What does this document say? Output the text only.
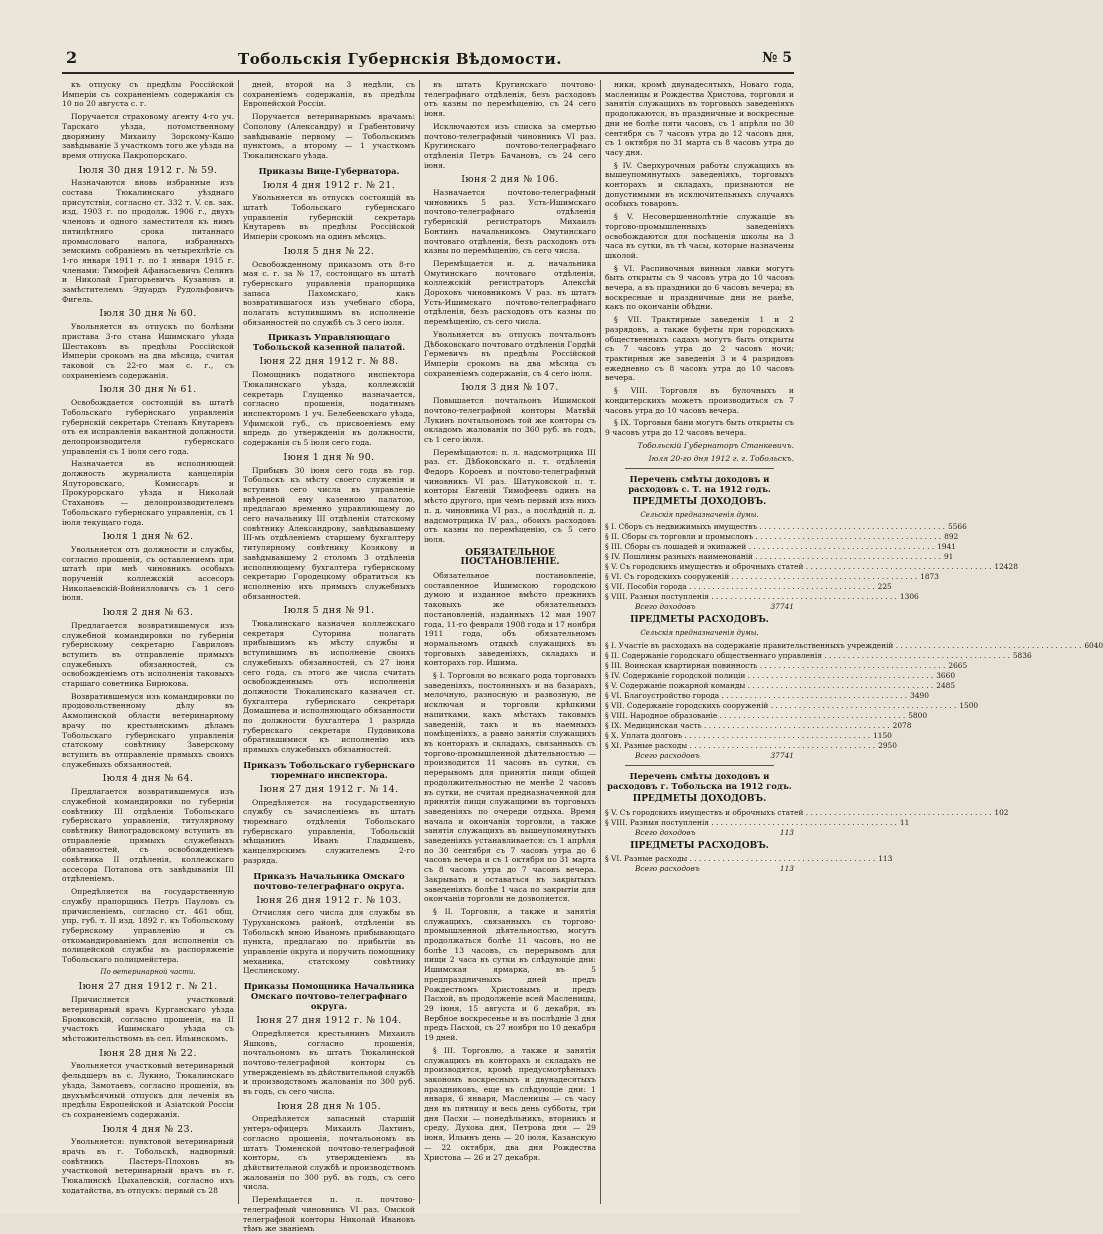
2	Тобольскія Губернскія Вѣдомости.	№ 5

къ отпуску съ предѣлы Россійской Имперіи съ сохраненіемъ содержанія съ 10 по 20 августа с. г.

Поручается страховому агенту 4-го уч. Тарскаго уѣзда, потомственному дворянину Михаилу Зорскому-Кашо завѣдываніе 3 участкомъ того же уѣзда на время отпуска Пакропорскаго.

Іюля 30 дня 1912 г. № 59.

Назначаются вновь избранные изъ состава Тюкалинскаго уѣзднаго присутствія, согласно ст. 332 т. V. св. зак. изд. 1903 г. по продолж. 1906 г., двухъ членовъ и одного заместителя къ нимъ пятилѣтняго срока питаннаго промысловаго налога, избранныхъ земскимъ собраніемъ въ четырехлѣтіе съ 1-го января 1911 г. по 1 января 1915 г. членами: Тимофей Афанасьевичъ Селинъ и Николай Григорьевичъ Кузановъ и замѣстителемъ Эдуардъ Рудольфовичъ Фигель.

Іюля 30 дня № 60.

Увольняется въ отпускъ по болѣзни пристава 3-го стана Ишимскаго уѣзда Шестаковъ въ предѣлы Россійской Имперіи срокомъ на два мѣсяца, считая таковой съ 22-го мая с. г., съ сохраненіемъ содержанія.

Іюля 30 дня № 61.

Освобождается состоящій въ штатѣ Тобольскаго губернскаго управленія губернскій секретарь Степанъ Кнутаревъ отъ ея исправленія вакантной должности делопроизводителя губернскаго управленія съ 1 іюля сего года.

Назначается въ исполняющей должность журналиста канцеляріи Ялуторовскаго, Комиссаръ и Прокурорскаго уѣзда и Николай Стахановъ — делопроизводителемъ Тобольскаго губернскаго управленія, съ 1 іюля текущаго года.

Іюля 1 дня № 62.

Увольняется отъ должности и службы, согласно прошенія, съ оставлениемъ при штатѣ при мнѣ чиновникъ особыхъ порученій коллежскій ассесоръ Николаевскій-Войнилловичъ съ 1 сего іюля.

Іюля 2 дня № 63.

Предлагается возвратившемуся изъ служебной командировки по губерніи губернскому секретарю Гавриловъ вступить въ отправленіе прямыхъ служебныхъ обязанностей, съ освобожденіемъ отъ исполненія таковыхъ старшаго советника Бирюкова.

Возвратившемуся изъ командировки по продовольственному дѣлу въ Акмолинской области ветеринарному врачу по крестьянскимъ дѣламъ Тобольскаго губернскаго управленія статскому совѣтнику Заверскому вступить въ отправленіе прямыхъ своихъ служебныхъ обязанностей.

Іюля 4 дня № 64.

Предлагается возвратившемуся изъ служебной командировки по губерніи совѣтнику III отдѣленія Тобольскаго губернскаго управленія, титулярному совѣтнику Виноградовскому вступить въ отправленіе прямыхъ служебныхъ обязанностей, съ освобожденіемъ совѣтника II отдѣленія, коллежскаго ассесора Потапова отъ завѣдыванія III отдѣленіемъ.

Опредѣляется на государственную службу прапорщикъ Петръ Пауловъ съ причисленіемъ, согласно ст. 461 общ. упр. губ. т. II изд. 1892 г. къ Тобольскому губернскому управленію и съ откомандированіемъ для исполненія съ полицейской службы въ распоряженіе Тобольскаго полицмейстера.

По ветеринарной части.
Іюня 27 дня 1912 г. № 21.

Причисляется участковый ветеринарный врачъ Курганскаго уѣзда Бровковскій, согласно прошенія, на II участокъ Ишимскаго уѣзда съ мѣстожительствомъ въ сел. Ильинскомъ.

Іюня 28 дня № 22.

Увольняется участковый ветеринарный фельдшеръ въ с. Лукино, Тюкалинскаго уѣзда, Замотаевъ, согласно прошенія, въ двухъмѣсячный отпускъ для леченія въ предѣлы Европейской и Азіатской Россіи съ сохраненіемъ содержанія.

Іюля 4 дня № 23.

Увольняется: пунктовой ветеринарный врачъ въ г. Тобольскѣ, надворный совѣтникъ Пастеръ-Плоховъ въ участковой ветеринарный врачъ въ г. Тюкалинскѣ Цыхалевскій, согласно ихъ ходатайства, въ отпускъ: первый съ 28

дней, второй на 3 недѣли, съ сохраненіемъ содержанія, въ предѣлы Европейской Россіи.

Поручается ветеринарнымъ врачамъ: Сополову (Александру) и Грабентовичу завѣдываніе первому — Тобольскимъ пунктомъ, а второму — 1 участкомъ Тюкалинскаго уѣзда.

Приказы Вице-Губернатора.
Іюля 4 дня 1912 г. № 21.

Увольняется въ отпускъ состоящій въ штатѣ Тобольскаго губернскаго управленія губернскій секретарь Кнутаревъ въ предѣлы Россійской Имперіи срокомъ на одинъ мѣсяцъ.

Іюля 5 дня № 22.

Освобожденному приказомъ отъ 8-го мая с. г. за № 17, состоящаго въ штатѣ губернскаго управленія прапорщика запаса Пахомскаго, какъ возвратившагося изъ учебнаго сбора, полагать вступившимъ въ исполненіе обязанностей по службѣ съ 3 сего іюля.

Приказъ Управляющаго Тобольской казенной палатой.
Іюня 22 дня 1912 г. № 88.

Помощникъ податного инспектора Тюкалинскаго уѣзда, коллежскій секретарь Глущенко назначается, согласно прошенія, податнымъ инспекторомъ 1 уч. Белебеевскаго уѣзда, Уфимской губ., съ присвоеніемъ ему впредь до утвержденія въ должности, содержанія съ 5 іюля сего года.

Іюня 1 дня № 90.

Прибывъ 30 іюня сего года въ гор. Тобольскъ къ мѣсту своего служенія и вступивъ сего числа въ управленіе ввѣренной ему казенною палатою, предлагаю временно управляющему до сего начальнику III отдѣленія статскому совѣтнику Александрову, завѣдывавшему III-мъ отдѣленіемъ старшему бухгалтеру титулярному совѣтнику Козякову и завѣдывавшему 2 столомъ 3 отдѣленія исполняющему бухгалтера губернскому секретарю Городецкому обратиться къ исполненію ихъ прямыхъ служебныхъ обязанностей.

Іюля 5 дня № 91.

Тюкалинскаго казначея коллежскаго секретаря Суторина полагать прибывшимъ къ мѣсту службы и вступившимъ въ исполненіе своихъ служебныхъ обязанностей, съ 27 іюня сего года, съ этого же числа считать освобожденнымъ отъ исполненія должности Тюкалинскаго казначея ст. бухгалтера губернскаго секретаря Домашнева и исполняющаго обязанности по должности бухгалтера 1 разряда губернскаго секретаря Пудовикова обратившимися къ исполненію ихъ прямыхъ служебныхъ обязанностей.

Приказъ Тобольскаго губернскаго тюремнаго инспектора.
Іюня 27 дня 1912 г. № 14.

Опредѣляется на государственную службу съ зачисленіемъ въ штатъ тюремнаго отдѣленія Тобольскаго губернскаго управленія, Тобольскій мѣщанинъ Иванъ Гладышевъ, канцелярскимъ служителемъ 2-го разряда.

Приказъ Начальника Омскаго почтово-телеграфнаго округа.
Іюня 26 дня 1912 г. № 103.

Отчисляя сего числа для службы въ Туруханскомъ районѣ, отдѣленіи въ Тобольскѣ мною Иваномъ прибывающаго пункта, предлагаю по прибытіи въ управленіе округа и поручить помощнику механика, статскому совѣтнику Цеслинскому.

Приказы Помощника Начальника Омскаго почтово-телеграфнаго округа.
Іюня 27 дня 1912 г. № 104.

Опредѣляется крестьянинъ Михаилъ Яшковъ, согласно прошенія, почтальономъ въ штатъ Тюкалинской почтово-телеграфной конторы съ утвержденіемъ въ дѣйствительной службѣ и производствомъ жалованія по 300 руб. въ годъ, съ сего числа.

Іюня 28 дня № 105.

Опредѣляется запасный старшій унтеръ-офицеръ Михаилъ Лахтинъ, согласно прошенія, почтальономъ въ штатъ Тюменской почтово-телеграфной конторы, съ утвержденіемъ въ дѣйствительной службѣ и производствомъ жалованія по 300 руб. въ годъ, съ сего числа.

Перемѣщается п. л. почтово-телеграфный чиновникъ VI раз. Омской телеграфной конторы Николай Ивановъ тѣмъ же званіемъ

въ штатъ Кругинскаго почтово-телеграфнаго отдѣленія, безъ расходовъ отъ казны по перемѣщенію, съ 24 сего іюня.

Исключаются изъ списка за смертью почтово-телеграфный чиновникъ VI раз. Кругинскаго почтово-телеграфнаго отдѣленія Петръ Бачановъ, съ 24 сего іюня.

Іюня 2 дня № 106.

Назначается почтово-телеграфный чиновникъ 5 раз. Усть-Ишимскаго почтово-телеграфнаго отдѣленія губернскій регистраторъ Михаилъ Бонтинъ начальникомъ Омутинскаго почтоваго отдѣленія, безъ расходовъ отъ казны по перемѣщенію, съ сего числа.

Перемѣщается и. д. начальника Омутинскаго почтоваго отдѣленія, коллежскій регистраторъ Алексѣй Дороховъ чиновникомъ V раз. въ штатъ Усть-Ишимскаго почтово-телеграфнаго отдѣленія, безъ расходовъ отъ казны по перемѣщенію, съ сего числа.

Увольняется въ отпускъ почтальонъ Дѣбоковскаго почтоваго отдѣленія Гордѣй Гермевичъ въ предѣлы Россійской Имперіи срокомъ на два мѣсяца съ сохраненіемъ содержанія, съ 4 сего іюля.

Іюля 3 дня № 107.

Повышается почтальонъ Ишимской почтово-телеграфной конторы Матвѣй Лукинъ почтальономъ той же конторы съ окладомъ жалованія по 360 руб. въ годъ, съ 1 сего іюля.

Перемѣщаются: п. л. надсмотрщика III раз. ст. Дѣбоковскаго п. т. отдѣленія Федоръ Короевъ и почтово-телеграфный чиновникъ VI раз. Шатуковской п. т. конторы Евгеній Тимофеевъ одинъ на мѣсто другого, при чемъ первый изъ нихъ п. д. чиновника VI раз., а послѣдній п. д. надсмотрщика IV раз., обоихъ расходовъ отъ казны по перемѣщенію, съ 5 сего іюля.

ОБЯЗАТЕЛЬНОЕ ПОСТАНОВЛЕНІЕ.

Обязательное постановленіе, составленное Ишимскою городскою думою и изданное вмѣсто прежнихъ таковыхъ же обязательныхъ постановленій, изданныхъ 12 мая 1907 года, 11-го февраля 1908 года и 17 ноября 1911 года, объ обязательномъ нормальномъ отдыхѣ служащихъ въ торговыхъ заведеніяхъ, складахъ и конторахъ гор. Ишима.

§ I. Торговля во всякаго рода торговыхъ заведеніяхъ, постоянныхъ и на базарахъ, мелочную, разносную и развозную, не исключая и торговли крѣпкими напитками, какъ мѣстахъ таковыхъ заведеній, такъ и въ наемныхъ помѣщеніяхъ, а равно занятія служащихъ въ конторахъ и складахъ, связанныхъ съ торгово-промышленной дѣятельностью — производится 11 часовъ въ сутки, съ перерывомъ для принятія пищи общей продолжительностью не менѣе 2 часовъ въ сутки, не считая предназначенной для принятія пищи служащими въ торговыхъ заведеніяхъ по очереди отдыха. Время начала и окончанія торговли, а также занятія служащихъ въ вышеупомянутыхъ заведеніяхъ устанавливается: съ 1 апрѣля по 30 сентября съ 7 часовъ утра до 6 часовъ вечера и съ 1 октября по 31 марта съ 8 часовъ утра до 7 часовъ вечера. Закрывать и оставаться въ закрытыхъ заведеніяхъ болѣе 1 часа по закрытіи для окончанія торговли не дозволяется.

§ II. Торговля, а также и занятія служащихъ, связанныхъ съ торгово-промышленной дѣятельностью, могутъ продолжаться болѣе 11 часовъ, но не болѣе 13 часовъ, съ перерывомъ для пищи 2 часа въ сутки въ слѣдующіе дни: Ишимская ярмарка, въ 5 предпраздничныхъ дней предъ Рождествомъ Христовымъ и предъ Пасхой, въ продолженіе всей Масленицы, 29 іюня, 15 августа и 6 декабря, въ Вербное воскресенье и въ послѣдніе 3 дня предъ Пасхой, съ 27 ноября по 10 декабря 19 дней.

§ III. Торговлю, а также и занятія служащихъ въ конторахъ и складахъ не производятся, кромѣ предусмотрѣнныхъ закономъ воскресныхъ и двунадесятыхъ праздниковъ, еще въ слѣдующіе дни: 1 января, 6 января, Масленицы — съ часу дня въ пятницу и весь день субботы, три дня Пасхи — понедѣльникъ, вторникъ и среду, Духова дня, Петрова дня — 29 іюня, Ильинъ день — 20 іюля, Казанскую — 22 октября, два дня Рождества Христова — 26 и 27 декабря.

ники, кромѣ двунадесятыхъ, Новаго года, масленицы и Рождества Христова, торговля и занятія служащихъ въ торговыхъ заведеніяхъ продолжаются, въ праздничные и воскресные дни не болѣе пяти часовъ, съ 1 апрѣля по 30 сентября съ 7 часовъ утра до 12 часовъ дня, съ 1 октября по 31 марта съ 8 часовъ утра до часу дня.

§ IV. Сверхурочныя работы служащихъ въ вышеупомянутыхъ заведеніяхъ, торговыхъ конторахъ и складахъ, признаются не допустимыми въ исключительныхъ случаяхъ особыхъ товаровъ.

§ V. Несовершеннолѣтніе служащіе въ торгово-промышленныхъ заведеніяхъ освобождаются для посѣщенія школы на 3 часа въ сутки, въ тѣ часы, которые назначены школой.

§ VI. Распивочныя винныя лавки могутъ быть открыты съ 9 часовъ утра до 10 часовъ вечера, а въ праздники до 6 часовъ вечера; въ воскресные и праздничные дни не ранѣе, какъ по окончаніи обѣдни.

§ VII. Трактирные заведенія 1 и 2 разрядовъ, а также буфеты при городскихъ общественныхъ садахъ могутъ быть открыты съ 7 часовъ утра до 2 часовъ ночи; трактирныя же заведенія 3 и 4 разрядовъ ежедневно съ 8 часовъ утра до 10 часовъ вечера.

§ VIII. Торговля въ булочныхъ и кондитерскихъ можетъ производиться съ 7 часовъ утра до 10 часовъ вечера.

§ IX. Торговыя бани могутъ быть открыты съ 9 часовъ утра до 12 часовъ вечера.

Тобольскій Губернаторъ Станкевичъ.
Іюля 20-го дня 1912 г. г. Тобольскъ.
Перечень смѣты доходовъ и расходовъ с. Т. на 1912 годъ.
ПРЕДМЕТЫ ДОХОДОВЪ.
Сельскія предназначенія думы.
§ I. Сборъ съ недвижимыхъ имуществъ . . .	5566
§ II. Сборы съ торговли и промысловъ . . .	892
§ III. Сборы съ лошадей и экипажей . . .	1941
§ IV. Пошлины разныхъ наименованій . . .	91
§ V. Съ городскихъ имуществъ и оброчныхъ статей . . .	12428
§ VI. Съ городскихъ сооруженій . . .	1873
§ VII. Пособія города . . .	225
§ VIII. Разныя поступленія . . .	1306
Всего доходовъ	37741
ПРЕДМЕТЫ РАСХОДОВЪ.
Сельскія предназначенія думы.
§ I. Участіе въ расходахъ на содержаніе правительственныхъ учрежденій . . .	6040
§ II. Содержаніе городскаго общественнаго управленія . . .	5836
§ III. Воинская квартирная повинность . . .	2665
§ IV. Содержаніе городской полиціи . . .	3660
§ V. Содержаніе пожарной команды . . .	2485
§ VI. Благоустройство города . . .	3490
§ VII. Содержаніе городскихъ сооруженій . . .	1500
§ VIII. Народное образованіе . . .	5800
§ IX. Медицинская часть . . .	2078
§ X. Уплата долговъ . . .	1150
§ XI. Разные расходы . . .	2950
Всего расходовъ	37741
Перечень смѣты доходовъ и расходовъ г. Тобольска на 1912 годъ.
ПРЕДМЕТЫ ДОХОДОВЪ.
§ V. Съ городскихъ имуществъ и оброчныхъ статей . . .	102
§ VIII. Разныя поступленія . . .	11
Всего доходовъ	113
ПРЕДМЕТЫ РАСХОДОВЪ.
§ VI. Разные расходы . . .	113
Всего расходовъ	113
